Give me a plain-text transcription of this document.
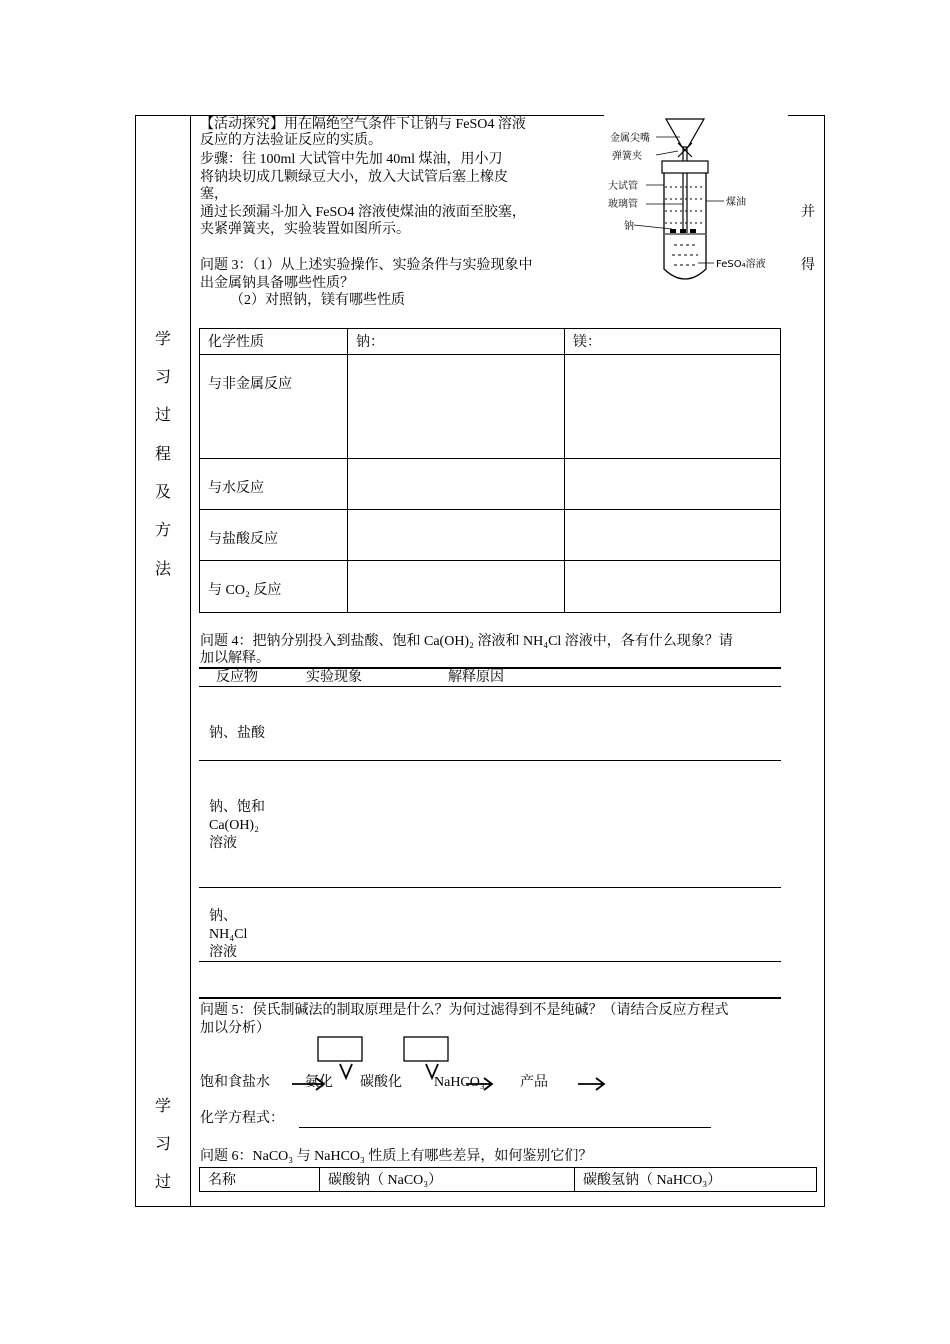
学
习
过
程
及
方
法
学
习
过
【活动探究】用在隔绝空气条件下让钠与 FeSO4 溶液
反应的方法验证反应的实质。
步骤：往 100ml 大试管中先加 40ml 煤油，用小刀
将钠块切成几颗绿豆大小，放入大试管后塞上橡皮
塞，
通过长颈漏斗加入 FeSO4 溶液使煤油的液面至胶塞，
夹紧弹簧夹，实验装置如图所示。
并
得
金属尖嘴
弹簧夹
大试管
玻璃管
钠
煤油
FeSO₄溶液
问题 3：（1）从上述实验操作、实验条件与实验现象中
出金属钠具备哪些性质？
（2）对照钠，镁有哪些性质
化学性质	钠：	镁：
与非金属反应		
与水反应		
与盐酸反应		
与 CO₂ 反应		
问题 4：把钠分别投入到盐酸、饱和 Ca(OH)₂ 溶液和 NH₄Cl 溶液中，各有什么现象？请
加以解释。
反应物	实验现象	解释原因
钠、盐酸
钠、饱和
Ca(OH)₂
溶液
钠、
NH₄Cl
溶液
问题 5：侯氏制碱法的制取原理是什么？为何过滤得到不是纯碱？（请结合反应方程式
加以分析）
饱和食盐水	氨化 碳酸化 NaHCO₃	产品
化学方程式：
问题 6：NaCO₃ 与 NaHCO₃ 性质上有哪些差异，如何鉴别它们？
名称	碳酸钠（ NaCO₃）	碳酸氢钠（ NaHCO₃）
